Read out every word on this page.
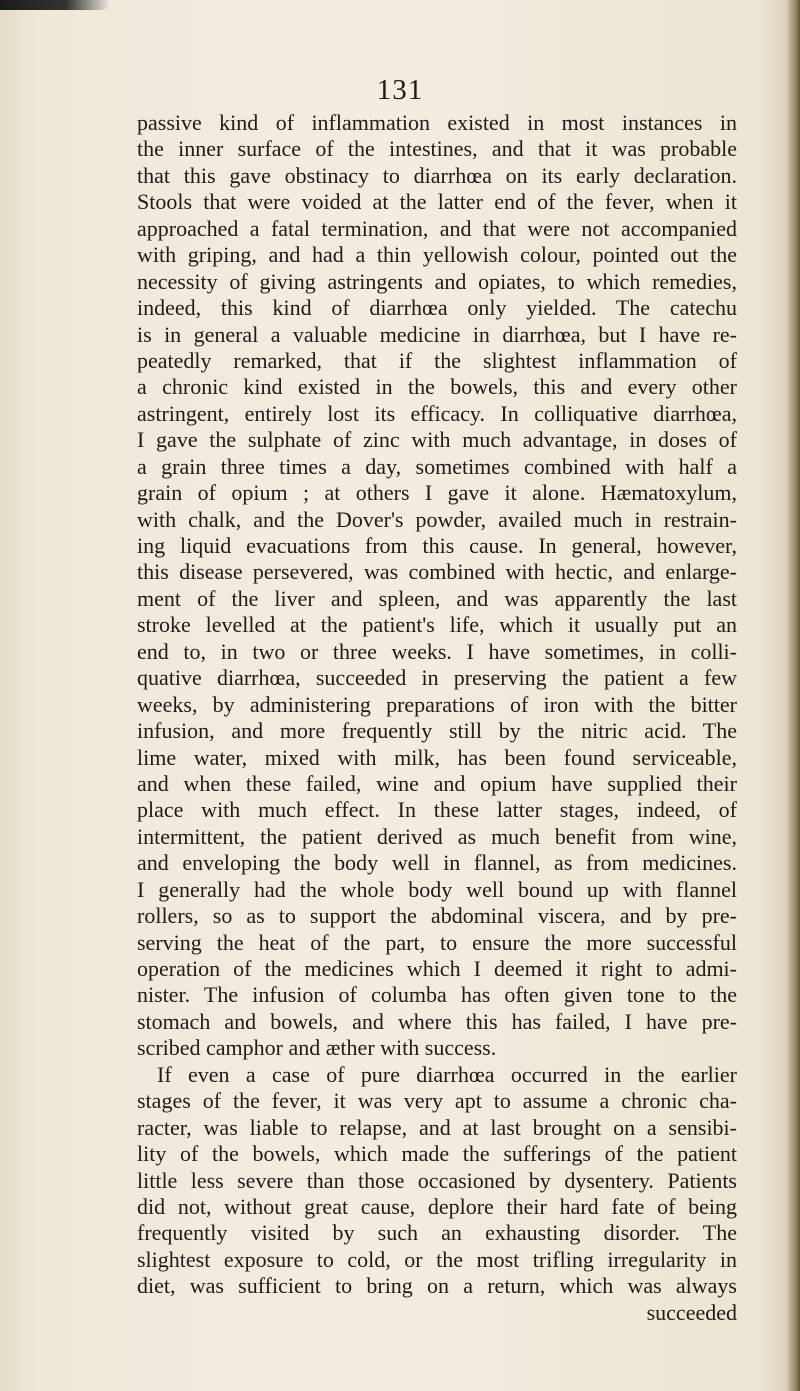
131
passive kind of inflammation existed in most instances in
the inner surface of the intestines, and that it was probable
that this gave obstinacy to diarrhœa on its early declaration.
Stools that were voided at the latter end of the fever, when it
approached a fatal termination, and that were not accompanied
with griping, and had a thin yellowish colour, pointed out the
necessity of giving astringents and opiates, to which remedies,
indeed, this kind of diarrhœa only yielded. The catechu
is in general a valuable medicine in diarrhœa, but I have re-
peatedly remarked, that if the slightest inflammation of
a chronic kind existed in the bowels, this and every other
astringent, entirely lost its efficacy. In colliquative diarrhœa,
I gave the sulphate of zinc with much advantage, in doses of
a grain three times a day, sometimes combined with half a
grain of opium ; at others I gave it alone. Hæmatoxylum,
with chalk, and the Dover's powder, availed much in restrain-
ing liquid evacuations from this cause. In general, however,
this disease persevered, was combined with hectic, and enlarge-
ment of the liver and spleen, and was apparently the last
stroke levelled at the patient's life, which it usually put an
end to, in two or three weeks. I have sometimes, in colli-
quative diarrhœa, succeeded in preserving the patient a few
weeks, by administering preparations of iron with the bitter
infusion, and more frequently still by the nitric acid. The
lime water, mixed with milk, has been found serviceable,
and when these failed, wine and opium have supplied their
place with much effect. In these latter stages, indeed, of
intermittent, the patient derived as much benefit from wine,
and enveloping the body well in flannel, as from medicines.
I generally had the whole body well bound up with flannel
rollers, so as to support the abdominal viscera, and by pre-
serving the heat of the part, to ensure the more successful
operation of the medicines which I deemed it right to admi-
nister. The infusion of columba has often given tone to the
stomach and bowels, and where this has failed, I have pre-
scribed camphor and æther with success.
If even a case of pure diarrhœa occurred in the earlier
stages of the fever, it was very apt to assume a chronic cha-
racter, was liable to relapse, and at last brought on a sensibi-
lity of the bowels, which made the sufferings of the patient
little less severe than those occasioned by dysentery. Patients
did not, without great cause, deplore their hard fate of being
frequently visited by such an exhausting disorder. The
slightest exposure to cold, or the most trifling irregularity in
diet, was sufficient to bring on a return, which was always
succeeded
